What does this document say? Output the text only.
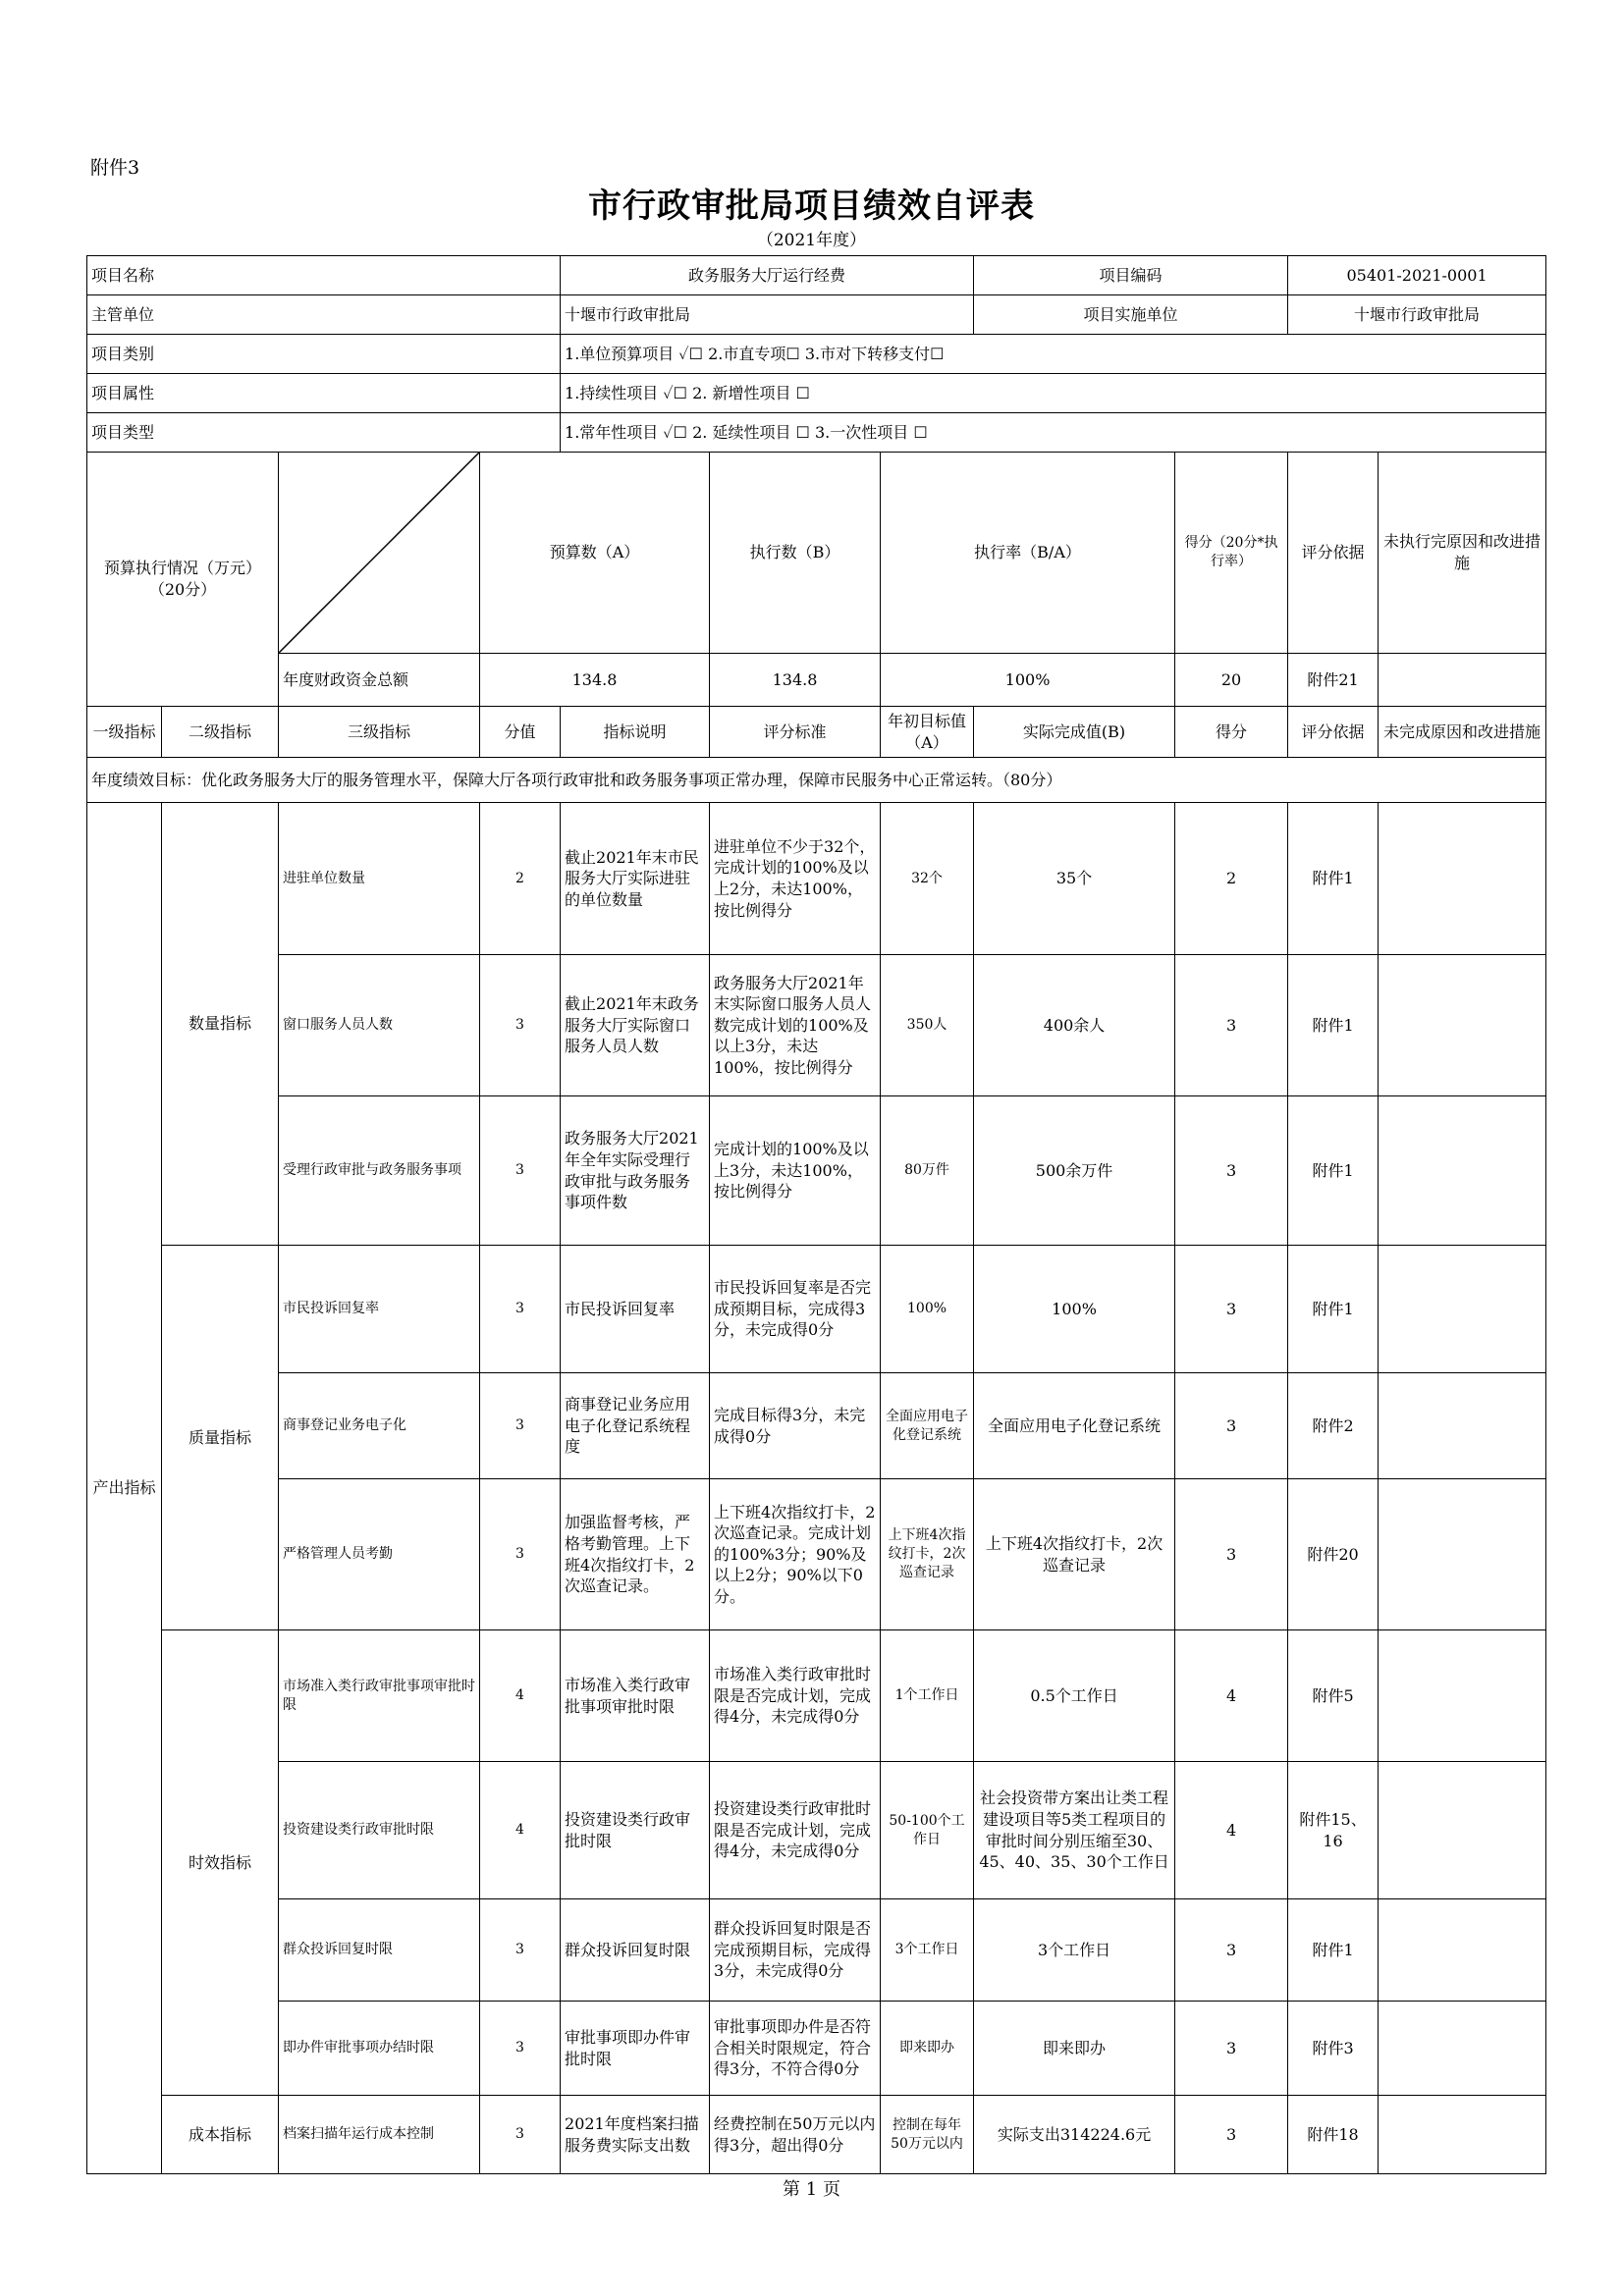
附件3
市行政审批局项目绩效自评表
（2021年度）
项目名称				政务服务大厅运行经费			项目编码		05401-2021-0001	
主管单位				十堰市行政审批局			项目实施单位		十堰市行政审批局	
项目类别				1.单位预算项目 ✓☐ 2.市直专项☐ 3.市对下转移支付☐						
项目属性				1.持续性项目 ✓☐ 2. 新增性项目 ☐						
项目类型				1.常年性项目 ✓☐ 2. 延续性项目 ☐ 3.一次性项目 ☐						
预算执行情况（万元）（20分）			预算数（A）		执行数（B）	执行率（B/A）		得分（20分*执行率）	评分依据	未执行完原因和改进措施
		年度财政资金总额	134.8		134.8	100%		20	附件21	
一级指标	二级指标	三级指标	分值	指标说明	评分标准	年初目标值（A）	实际完成值(B)	得分	评分依据	未完成原因和改进措施
年度绩效目标：优化政务服务大厅的服务管理水平，保障大厅各项行政审批和政务服务事项正常办理，保障市民服务中心正常运转。（80分）										
产出指标	数量指标	进驻单位数量	2	截止2021年末市民服务大厅实际进驻的单位数量	进驻单位不少于32个，完成计划的100%及以上2分，未达100%，按比例得分	32个	35个	2	附件1	
		窗口服务人员人数	3	截止2021年末政务服务大厅实际窗口服务人员人数	政务服务大厅2021年末实际窗口服务人员人数完成计划的100%及以上3分，未达100%，按比例得分	350人	400余人	3	附件1	
		受理行政审批与政务服务事项	3	政务服务大厅2021年全年实际受理行政审批与政务服务事项件数	完成计划的100%及以上3分，未达100%，按比例得分	80万件	500余万件	3	附件1	
	质量指标	市民投诉回复率	3	市民投诉回复率	市民投诉回复率是否完成预期目标，完成得3分，未完成得0分	100%	100%	3	附件1	
		商事登记业务电子化	3	商事登记业务应用电子化登记系统程度	完成目标得3分，未完成得0分	全面应用电子化登记系统	全面应用电子化登记系统	3	附件2	
		严格管理人员考勤	3	加强监督考核，严格考勤管理。上下班4次指纹打卡，2次巡查记录。	上下班4次指纹打卡，2次巡查记录。完成计划的100%3分；90%及以上2分；90%以下0分。	上下班4次指纹打卡，2次巡查记录	上下班4次指纹打卡，2次巡查记录	3	附件20	
	时效指标	市场准入类行政审批事项审批时限	4	市场准入类行政审批事项审批时限	市场准入类行政审批时限是否完成计划，完成得4分，未完成得0分	1个工作日	0.5个工作日	4	附件5	
		投资建设类行政审批时限	4	投资建设类行政审批时限	投资建设类行政审批时限是否完成计划，完成得4分，未完成得0分	50-100个工作日	社会投资带方案出让类工程建设项目等5类工程项目的审批时间分别压缩至30、45、40、35、30个工作日	4	附件15、16	
		群众投诉回复时限	3	群众投诉回复时限	群众投诉回复时限是否完成预期目标，完成得3分，未完成得0分	3个工作日	3个工作日	3	附件1	
		即办件审批事项办结时限	3	审批事项即办件审批时限	审批事项即办件是否符合相关时限规定，符合得3分，不符合得0分	即来即办	即来即办	3	附件3	
	成本指标	档案扫描年运行成本控制	3	2021年度档案扫描服务费实际支出数	经费控制在50万元以内得3分，超出得0分	控制在每年50万元以内	实际支出314224.6元	3	附件18	
第 1 页
